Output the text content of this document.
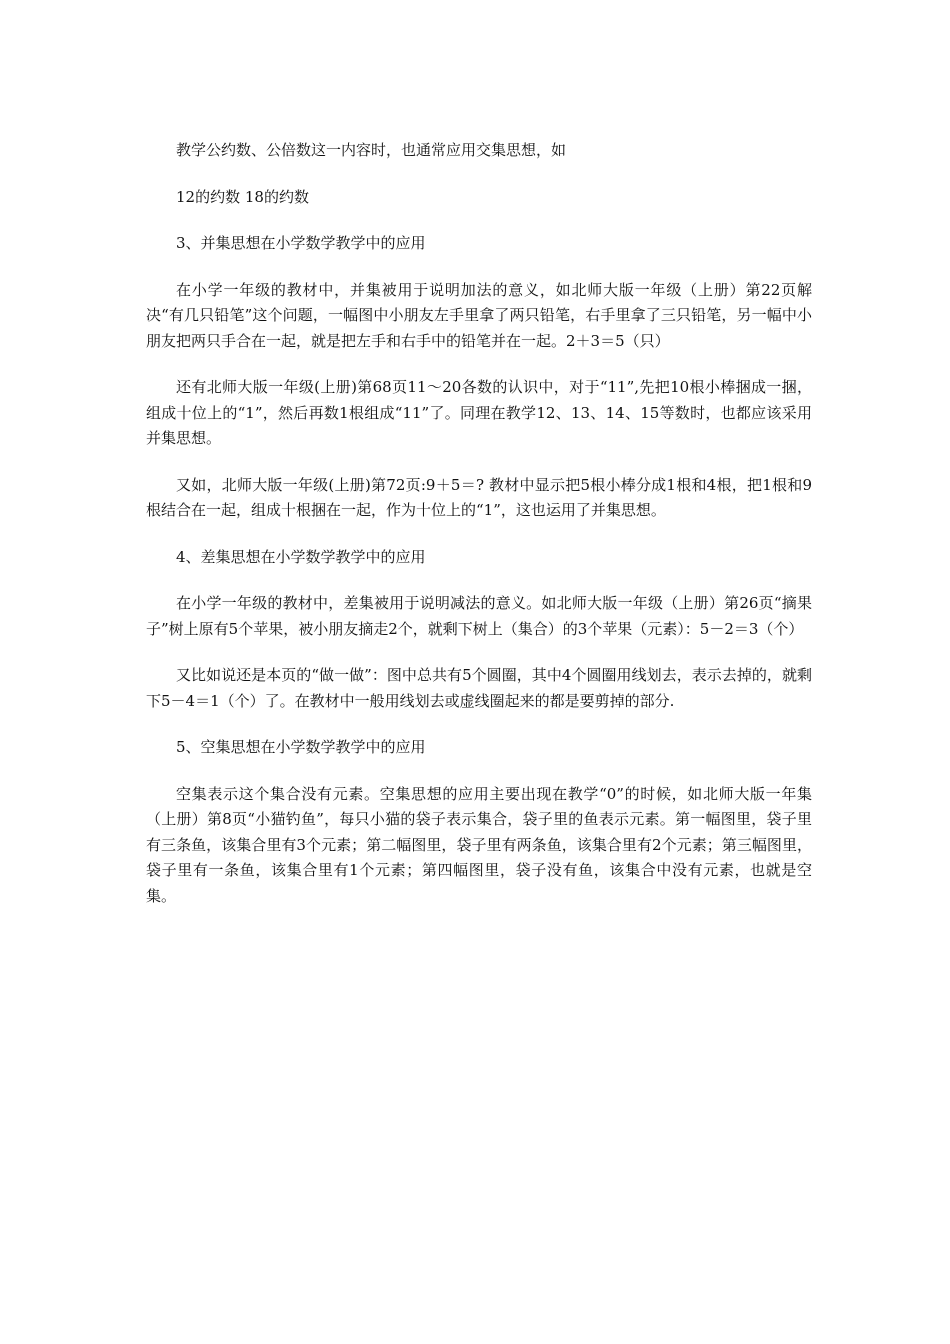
教学公约数、公倍数这一内容时，也通常应用交集思想，如

12的约数 18的约数

3、并集思想在小学数学教学中的应用

在小学一年级的教材中，并集被用于说明加法的意义，如北师大版一年级（上册）第22页解决“有几只铅笔”这个问题，一幅图中小朋友左手里拿了两只铅笔，右手里拿了三只铅笔，另一幅中小朋友把两只手合在一起，就是把左手和右手中的铅笔并在一起。2＋3＝5（只）

还有北师大版一年级(上册)第68页11～20各数的认识中，对于“11”,先把10根小棒捆成一捆，组成十位上的“1”，然后再数1根组成“11”了。同理在教学12、13、14、15等数时，也都应该采用并集思想。

又如，北师大版一年级(上册)第72页:9＋5＝? 教材中显示把5根小棒分成1根和4根，把1根和9根结合在一起，组成十根捆在一起，作为十位上的“1”，这也运用了并集思想。

4、差集思想在小学数学教学中的应用

在小学一年级的教材中，差集被用于说明减法的意义。如北师大版一年级（上册）第26页“摘果子”树上原有5个苹果，被小朋友摘走2个，就剩下树上（集合）的3个苹果（元素）：5－2＝3（个）

又比如说还是本页的“做一做”：图中总共有5个圆圈，其中4个圆圈用线划去，表示去掉的，就剩下5－4＝1（个）了。在教材中一般用线划去或虚线圈起来的都是要剪掉的部分.

5、空集思想在小学数学教学中的应用

空集表示这个集合没有元素。空集思想的应用主要出现在教学“0”的时候，如北师大版一年集（上册）第8页“小猫钓鱼”，每只小猫的袋子表示集合，袋子里的鱼表示元素。第一幅图里，袋子里有三条鱼，该集合里有3个元素；第二幅图里，袋子里有两条鱼，该集合里有2个元素；第三幅图里，袋子里有一条鱼，该集合里有1个元素；第四幅图里，袋子没有鱼，该集合中没有元素，也就是空集。
